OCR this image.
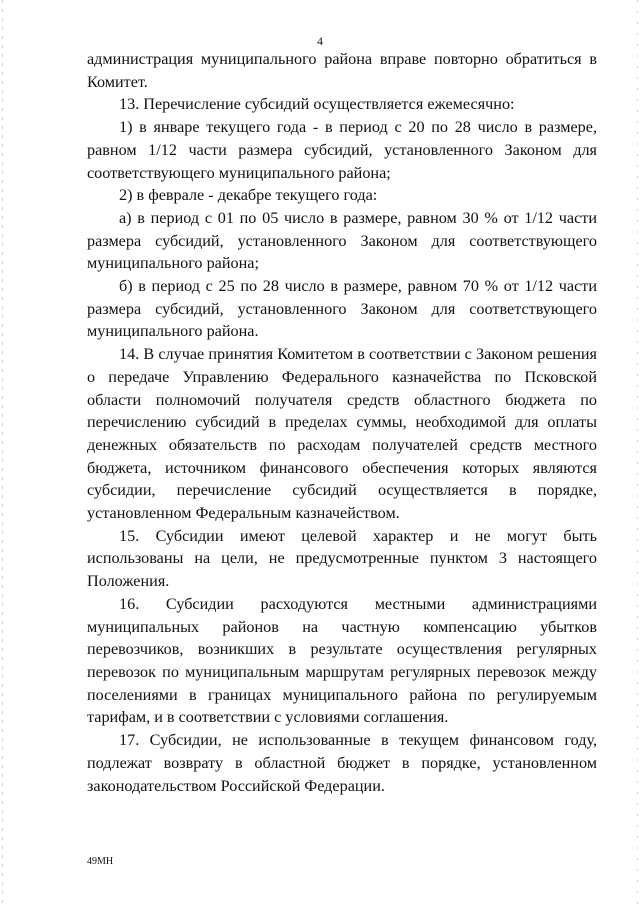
4

администрация муниципального района вправе повторно обратиться в Комитет.

13. Перечисление субсидий осуществляется ежемесячно:

1) в январе текущего года - в период с 20 по 28 число в размере, равном 1/12 части размера субсидий, установленного Законом для соответствующего муниципального района;

2) в феврале - декабре текущего года:

а) в период с 01 по 05 число в размере, равном 30 % от 1/12 части размера субсидий, установленного Законом для соответствующего муниципального района;

б) в период с 25 по 28 число в размере, равном 70 % от 1/12 части размера субсидий, установленного Законом для соответствующего муниципального района.

14. В случае принятия Комитетом в соответствии с Законом решения о передаче Управлению Федерального казначейства по Псковской области полномочий получателя средств областного бюджета по перечислению субсидий в пределах суммы, необходимой для оплаты денежных обязательств по расходам получателей средств местного бюджета, источником финансового обеспечения которых являются субсидии, перечисление субсидий осуществляется в порядке, установленном Федеральным казначейством.

15. Субсидии имеют целевой характер и не могут быть использованы на цели, не предусмотренные пунктом 3 настоящего Положения.

16. Субсидии расходуются местными администрациями муниципальных районов на частную компенсацию убытков перевозчиков, возникших в результате осуществления регулярных перевозок по муниципальным маршрутам регулярных перевозок между поселениями в границах муниципального района по регулируемым тарифам, и в соответствии с условиями соглашения.

17. Субсидии, не использованные в текущем финансовом году, подлежат возврату в областной бюджет в порядке, установленном законодательством Российской Федерации.

49МН
